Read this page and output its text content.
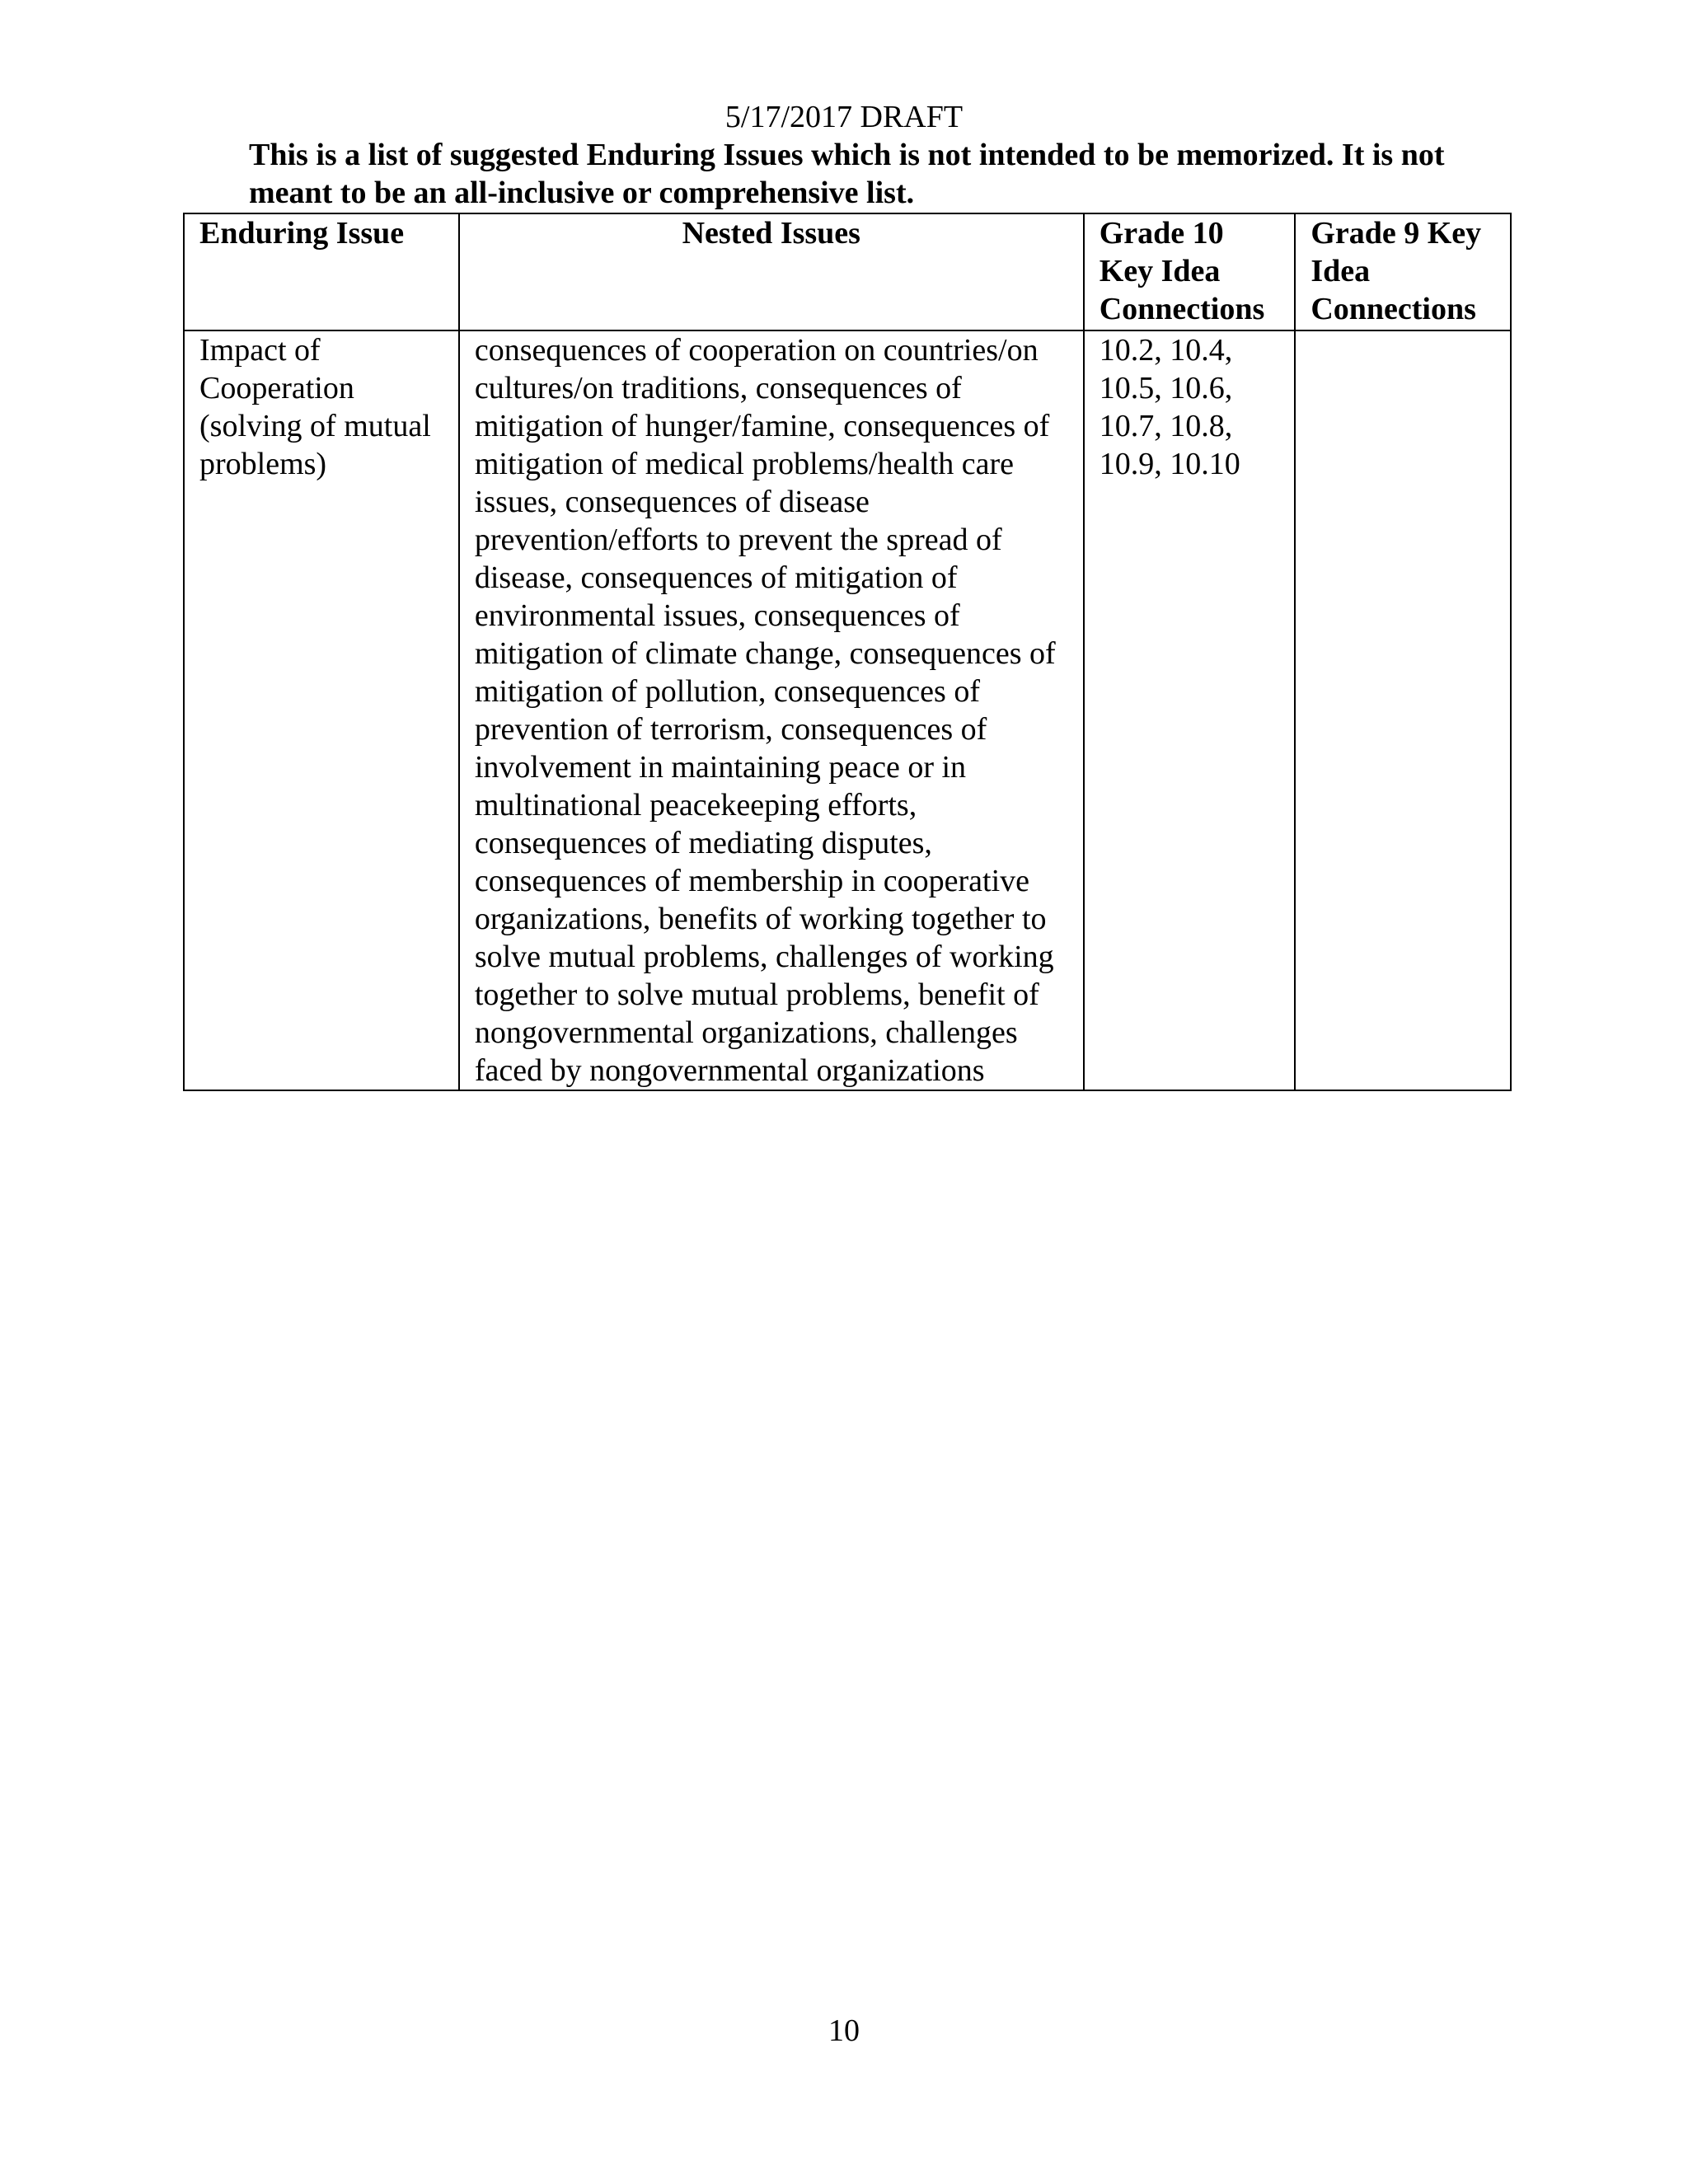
5/17/2017 DRAFT
This is a list of suggested Enduring Issues which is not intended to be memorized. It is not meant to be an all-inclusive or comprehensive list.
Enduring Issue	Nested Issues	Grade 10 Key Idea Connections	Grade 9 Key Idea Connections
Impact of Cooperation (solving of mutual problems)	consequences of cooperation on countries/on cultures/on traditions, consequences of mitigation of hunger/famine, consequences of mitigation of medical problems/health care issues, consequences of disease prevention/efforts to prevent the spread of disease, consequences of mitigation of environmental issues, consequences of mitigation of climate change, consequences of mitigation of pollution, consequences of prevention of terrorism, consequences of involvement in maintaining peace or in multinational peacekeeping efforts, consequences of mediating disputes, consequences of membership in cooperative organizations, benefits of working together to solve mutual problems, challenges of working together to solve mutual problems, benefit of nongovernmental organizations, challenges faced by nongovernmental organizations	10.2, 10.4, 10.5, 10.6, 10.7, 10.8, 10.9, 10.10	
10
